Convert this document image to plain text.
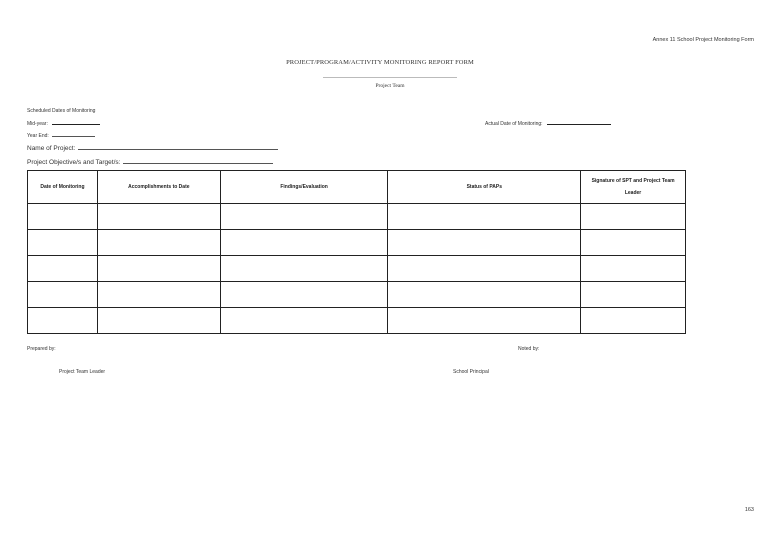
Annex 11 School Project Monitoring Form
PROJECT/PROGRAM/ACTIVITY MONITORING REPORT FORM
Project Team
Scheduled Dates of Monitoring
Mid-year:	Actual Date of Monitoring:
Year End:
Name of Project:
Project Objective/s and Target/s:
Date of Monitoring	Accomplishments to Date	Findings/Evaluation	Status of PAPs	Signature of SPT and Project Team Leader

Prepared by:	Noted by:
Project Team Leader	School Principal
163
